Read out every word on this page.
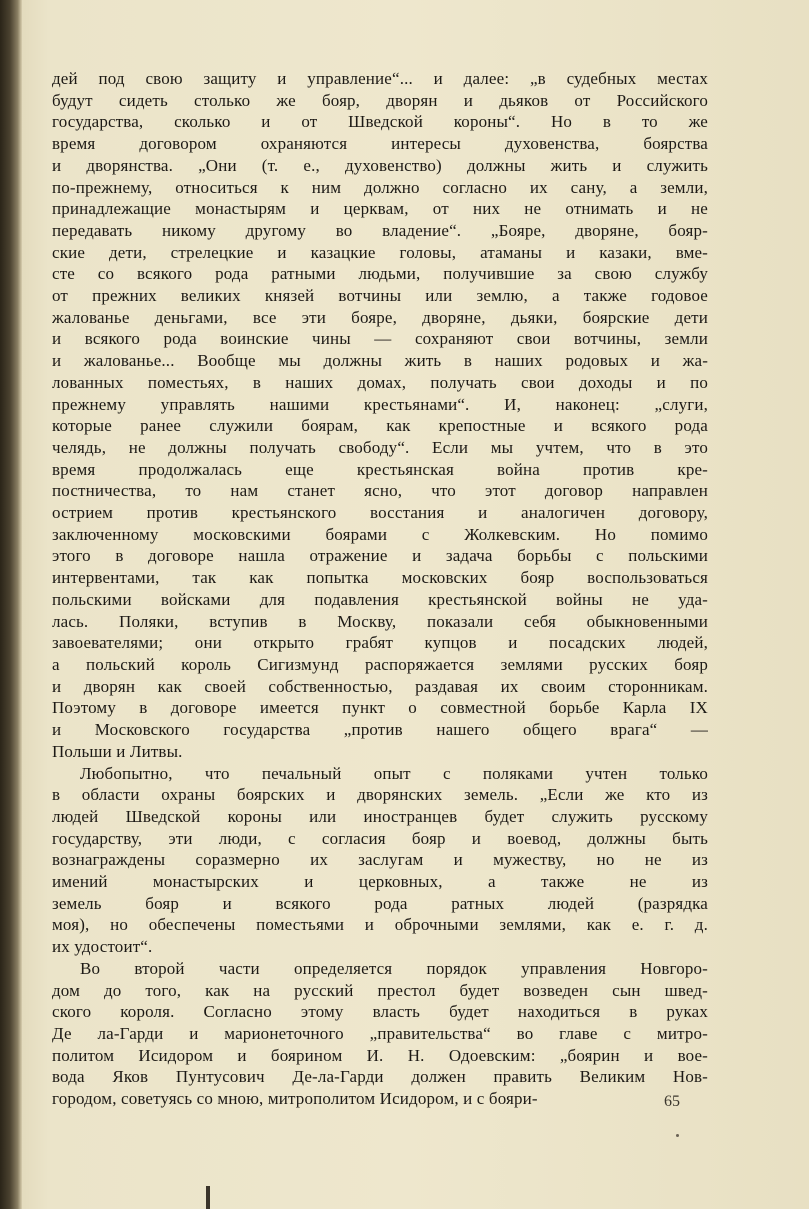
дей под свою защиту и управление“... и далее: „в судебных местах
будут сидеть столько же бояр, дворян и дьяков от Российского
государства, сколько и от Шведской короны“. Но в то же
время договором охраняются интересы духовенства, боярства
и дворянства. „Они (т. е., духовенство) должны жить и служить
по-прежнему, относиться к ним должно согласно их сану, а земли,
принадлежащие монастырям и церквам, от них не отнимать и не
передавать никому другому во владение“. „Бояре, дворяне, бояр-
ские дети, стрелецкие и казацкие головы, атаманы и казаки, вме-
сте со всякого рода ратными людьми, получившие за свою службу
от прежних великих князей вотчины или землю, а также годовое
жалованье деньгами, все эти бояре, дворяне, дьяки, боярские дети
и всякого рода воинские чины — сохраняют свои вотчины, земли
и жалованье... Вообще мы должны жить в наших родовых и жа-
лованных поместьях, в наших домах, получать свои доходы и по
прежнему управлять нашими крестьянами“. И, наконец: „слуги,
которые ранее служили боярам, как крепостные и всякого рода
челядь, не должны получать свободу“. Если мы учтем, что в это
время продолжалась еще крестьянская война против кре-
постничества, то нам станет ясно, что этот договор направлен
острием против крестьянского восстания и аналогичен договору,
заключенному московскими боярами с Жолкевским. Но помимо
этого в договоре нашла отражение и задача борьбы с польскими
интервентами, так как попытка московских бояр воспользоваться
польскими войсками для подавления крестьянской войны не уда-
лась. Поляки, вступив в Москву, показали себя обыкновенными
завоевателями; они открыто грабят купцов и посадских людей,
а польский король Сигизмунд распоряжается землями русских бояр
и дворян как своей собственностью, раздавая их своим сторонникам.
Поэтому в договоре имеется пункт о совместной борьбе Карла IX
и Московского государства „против нашего общего врага“ —
Польши и Литвы.
Любопытно, что печальный опыт с поляками учтен только
в области охраны боярских и дворянских земель. „Если же кто из
людей Шведской короны или иностранцев будет служить русскому
государству, эти люди, с согласия бояр и воевод, должны быть
вознаграждены соразмерно их заслугам и мужеству, но не из
имений монастырских и церковных, а также не из
земель бояр и всякого рода ратных людей (разрядка
моя), но обеспечены поместьями и оброчными землями, как е. г. д.
их удостоит“.
Во второй части определяется порядок управления Новгоро-
дом до того, как на русский престол будет возведен сын швед-
ского короля. Согласно этому власть будет находиться в руках
Де ла-Гарди и марионеточного „правительства“ во главе с митро-
политом Исидором и боярином И. Н. Одоевским: „боярин и вое-
вода Яков Пунтусович Де-ла-Гарди должен править Великим Нов-
городом, советуясь со мною, митрополитом Исидором, и с бояри-	65
